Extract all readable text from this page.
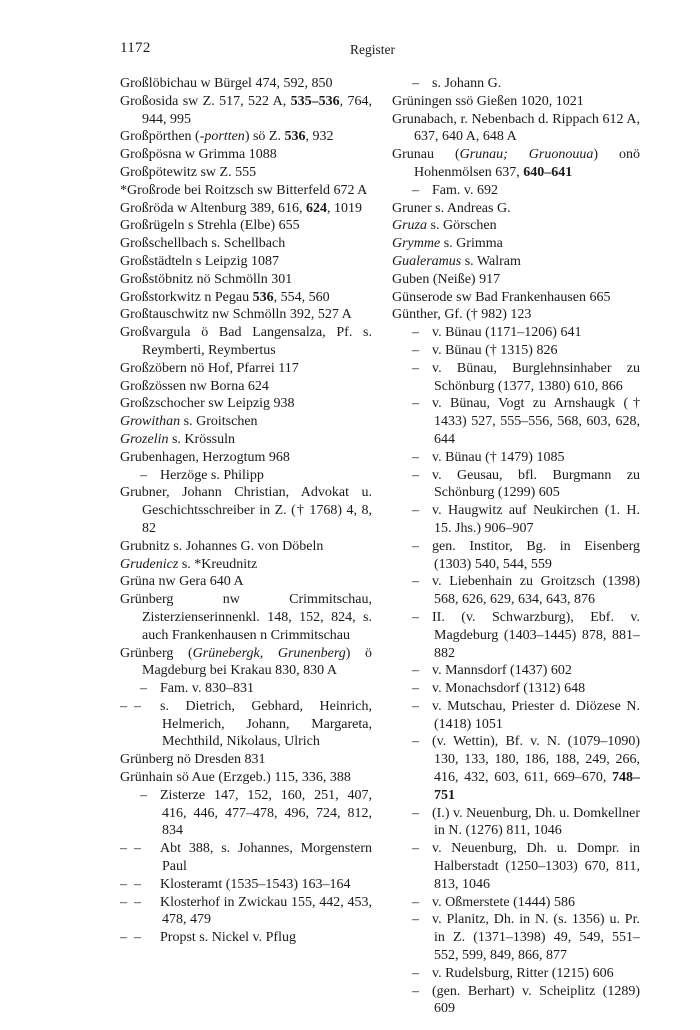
1172	Register
Großlöbichau w Bürgel 474, 592, 850
Großosida sw Z. 517, 522 A, 535–536, 764, 944, 995
Großpörthen (-portten) sö Z. 536, 932
Großpösna w Grimma 1088
Großpötewitz sw Z. 555
*Großrode bei Roitzsch sw Bitterfeld 672 A
Großröda w Altenburg 389, 616, 624, 1019
Großrügeln s Strehla (Elbe) 655
Großschellbach s. Schellbach
Großstädteln s Leipzig 1087
Großstöbnitz nö Schmölln 301
Großstorkwitz n Pegau 536, 554, 560
Großtauschwitz nw Schmölln 392, 527 A
Großvargula ö Bad Langensalza, Pf. s. Reymberti, Reymbertus
Großzöbern nö Hof, Pfarrei 117
Großzössen nw Borna 624
Großzschocher sw Leipzig 938
Growithan s. Groitschen
Grozelin s. Krössuln
Grubenhagen, Herzogtum 968
– Herzöge s. Philipp
Grubner, Johann Christian, Advokat u. Geschichtsschreiber in Z. († 1768) 4, 8, 82
Grubnitz s. Johannes G. von Döbeln
Grudenicz s. *Kreudnitz
Grüna nw Gera 640 A
Grünberg nw Crimmitschau, Zisterzienserinnenkl. 148, 152, 824, s. auch Frankenhausen n Crimmitschau
Grünberg (Grünebergk, Grunenberg) ö Magdeburg bei Krakau 830, 830 A
– Fam. v. 830–831
–  – s. Dietrich, Gebhard, Heinrich, Helmerich, Johann, Margareta, Mechthild, Nikolaus, Ulrich
Grünberg nö Dresden 831
Grünhain sö Aue (Erzgeb.) 115, 336, 388
– Zisterze 147, 152, 160, 251, 407, 416, 446, 477–478, 496, 724, 812, 834
–  – Abt 388, s. Johannes, Morgenstern Paul
–  – Klosteramt (1535–1543) 163–164
–  – Klosterhof in Zwickau 155, 442, 453, 478, 479
–  – Propst s. Nickel v. Pflug
– s. Johann G.
Grüningen ssö Gießen 1020, 1021
Grunabach, r. Nebenbach d. Rippach 612 A, 637, 640 A, 648 A
Grunau (Grunau; Gruonouua) onö Hohenmölsen 637, 640–641
– Fam. v. 692
Gruner s. Andreas G.
Gruza s. Görschen
Grymme s. Grimma
Gualeramus s. Walram
Guben (Neiße) 917
Günserode sw Bad Frankenhausen 665
Günther, Gf. († 982) 123
– v. Bünau (1171–1206) 641
– v. Bünau († 1315) 826
– v. Bünau, Burglehnsinhaber zu Schönburg (1377, 1380) 610, 866
– v. Bünau, Vogt zu Arnshaugk († 1433) 527, 555–556, 568, 603, 628, 644
– v. Bünau († 1479) 1085
– v. Geusau, bfl. Burgmann zu Schönburg (1299) 605
– v. Haugwitz auf Neukirchen (1. H. 15. Jhs.) 906–907
– gen. Institor, Bg. in Eisenberg (1303) 540, 544, 559
– v. Liebenhain zu Groitzsch (1398) 568, 626, 629, 634, 643, 876
– II. (v. Schwarzburg), Ebf. v. Magdeburg (1403–1445) 878, 881–882
– v. Mannsdorf (1437) 602
– v. Monachsdorf (1312) 648
– v. Mutschau, Priester d. Diözese N. (1418) 1051
– (v. Wettin), Bf. v. N. (1079–1090) 130, 133, 180, 186, 188, 249, 266, 416, 432, 603, 611, 669–670, 748–751
– (I.) v. Neuenburg, Dh. u. Domkellner in N. (1276) 811, 1046
– v. Neuenburg, Dh. u. Dompr. in Halberstadt (1250–1303) 670, 811, 813, 1046
– v. Oßmerstete (1444) 586
– v. Planitz, Dh. in N. (s. 1356) u. Pr. in Z. (1371–1398) 49, 549, 551–552, 599, 849, 866, 877
– v. Rudelsburg, Ritter (1215) 606
– (gen. Berhart) v. Scheiplitz (1289) 609
